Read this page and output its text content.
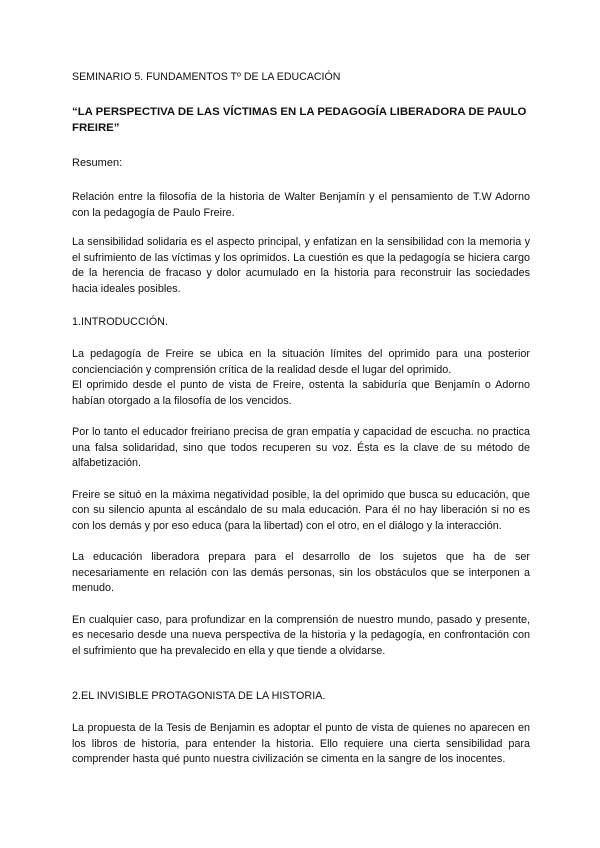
SEMINARIO 5. FUNDAMENTOS Tº DE LA EDUCACIÓN

“LA PERSPECTIVA DE LAS VÍCTIMAS EN LA PEDAGOGÍA LIBERADORA DE PAULO FREIRE”

Resumen:

Relación entre la filosofía de la historia de Walter Benjamín y el pensamiento de T.W Adorno con la pedagogía de Paulo Freire.

La sensibilidad solidaria es el aspecto principal, y enfatizan en la sensibilidad con la memoria y el sufrimiento de las víctimas y los oprimidos. La cuestión es que la pedagogía se hiciera cargo de la herencia de fracaso y dolor acumulado en la historia para reconstruir las sociedades hacia ideales posibles.

1.INTRODUCCIÓN.

La pedagogía de Freire se ubica en la situación límites del oprimido para una posterior concienciación y comprensión crítica de la realidad desde el lugar del oprimido.

El oprimido desde el punto de vista de Freire, ostenta la sabiduría que Benjamín o Adorno habían otorgado a la filosofía de los vencidos.

Por lo tanto el educador freiriano precisa de gran empatía y capacidad de escucha. no practica una falsa solidaridad, sino que todos recuperen su voz. Ésta es la clave de su método de alfabetización.

Freire se situó en la máxima negatividad posible, la del oprimido que busca su educación, que con su silencio apunta al escándalo de su mala educación. Para él no hay liberación si no es con los demás y por eso educa (para la libertad) con el otro, en el diálogo y la interacción.

La educación liberadora prepara para el desarrollo de los sujetos que ha de ser necesariamente en relación con las demás personas, sin los obstáculos que se interponen a menudo.

En cualquier caso, para profundizar en la comprensión de nuestro mundo, pasado y presente, es necesario desde una nueva perspectiva de la historia y la pedagogía, en confrontación con el sufrimiento que ha prevalecido en ella y que tiende a olvidarse.

2.EL INVISIBLE PROTAGONISTA DE LA HISTORIA.

La propuesta de la Tesis de Benjamin es adoptar el punto de vista de quienes no aparecen en los libros de historia, para entender la historia. Ello requiere una cierta sensibilidad para comprender hasta qué punto nuestra civilización se cimenta en la sangre de los inocentes.
